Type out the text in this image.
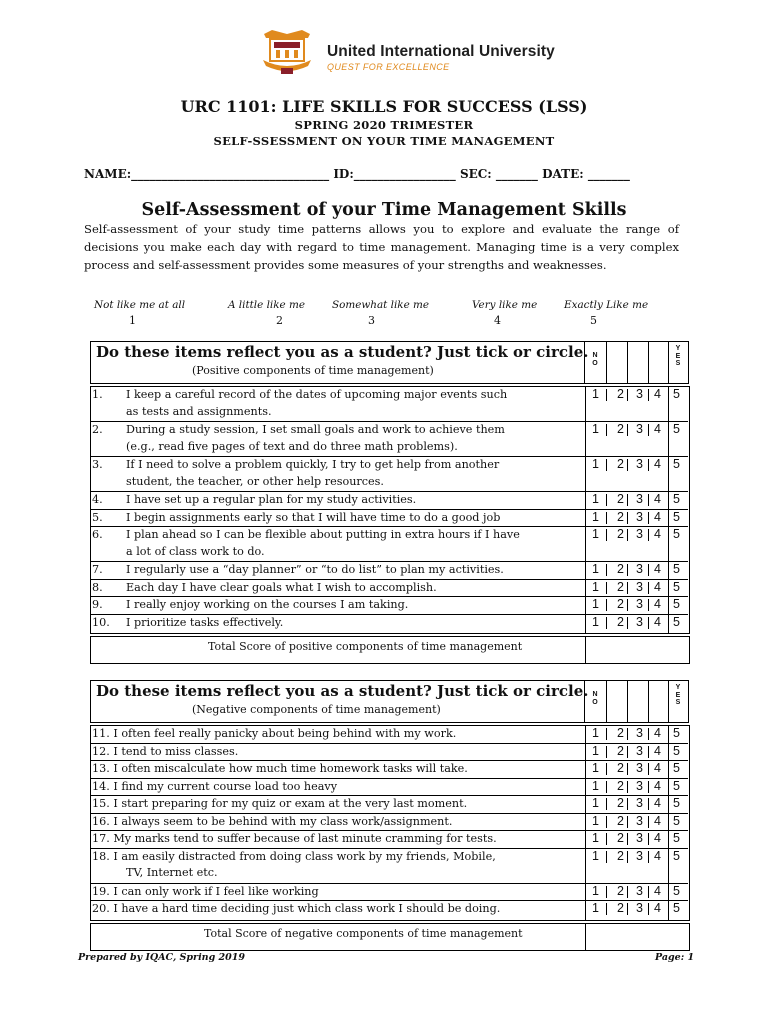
United International University
QUEST FOR EXCELLENCE
URC 1101: LIFE SKILLS FOR SUCCESS (LSS)
SPRING 2020 TRIMESTER
SELF-SSESSMENT ON YOUR TIME MANAGEMENT
NAME:_________________________________ ID:_________________ SEC: _______ DATE: _______
Self-Assessment of your Time Management Skills
Self-assessment of your study time patterns allows you to explore and evaluate the range of decisions you make each day with regard to time management. Managing time is a very complex process and self-assessment provides some measures of your strengths and weaknesses.
Not like me at all	A little like me	Somewhat like me	Very like me	Exactly Like me
1	2	3	4	5
Do these items reflect you as a student? Just tick or circle.
(Positive components of time management)
N
O
Y
E
S
1. I keep a careful record of the dates of upcoming major events such
as tests and assignments.
1 2 3 4 5
2. During a study session, I set small goals and work to achieve them
(e.g., read five pages of text and do three math problems).
1 2 3 4 5
3. If I need to solve a problem quickly, I try to get help from another
student, the teacher, or other help resources.
1 2 3 4 5
4. I have set up a regular plan for my study activities.	1 2 3 4 5
5. I begin assignments early so that I will have time to do a good job	1 2 3 4 5
6. I plan ahead so I can be flexible about putting in extra hours if I have
a lot of class work to do.
1 2 3 4 5
7. I regularly use a “day planner” or “to do list” to plan my activities.	1 2 3 4 5
8. Each day I have clear goals what I wish to accomplish.	1 2 3 4 5
9. I really enjoy working on the courses I am taking.	1 2 3 4 5
10. I prioritize tasks effectively.	1 2 3 4 5
Total Score of positive components of time management
Do these items reflect you as a student? Just tick or circle.
(Negative components of time management)
N
O
Y
E
S
11. I often feel really panicky about being behind with my work.	1 2 3 4 5
12. I tend to miss classes.	1 2 3 4 5
13. I often miscalculate how much time homework tasks will take.	1 2 3 4 5
14. I find my current course load too heavy	1 2 3 4 5
15. I start preparing for my quiz or exam at the very last moment.	1 2 3 4 5
16. I always seem to be behind with my class work/assignment.	1 2 3 4 5
17. My marks tend to suffer because of last minute cramming for tests.	1 2 3 4 5
18. I am easily distracted from doing class work by my friends, Mobile,
TV, Internet etc.
1 2 3 4 5
19. I can only work if I feel like working	1 2 3 4 5
20. I have a hard time deciding just which class work I should be doing.	1 2 3 4 5
Total Score of negative components of time management
Prepared by IQAC, Spring 2019	Page: 1
